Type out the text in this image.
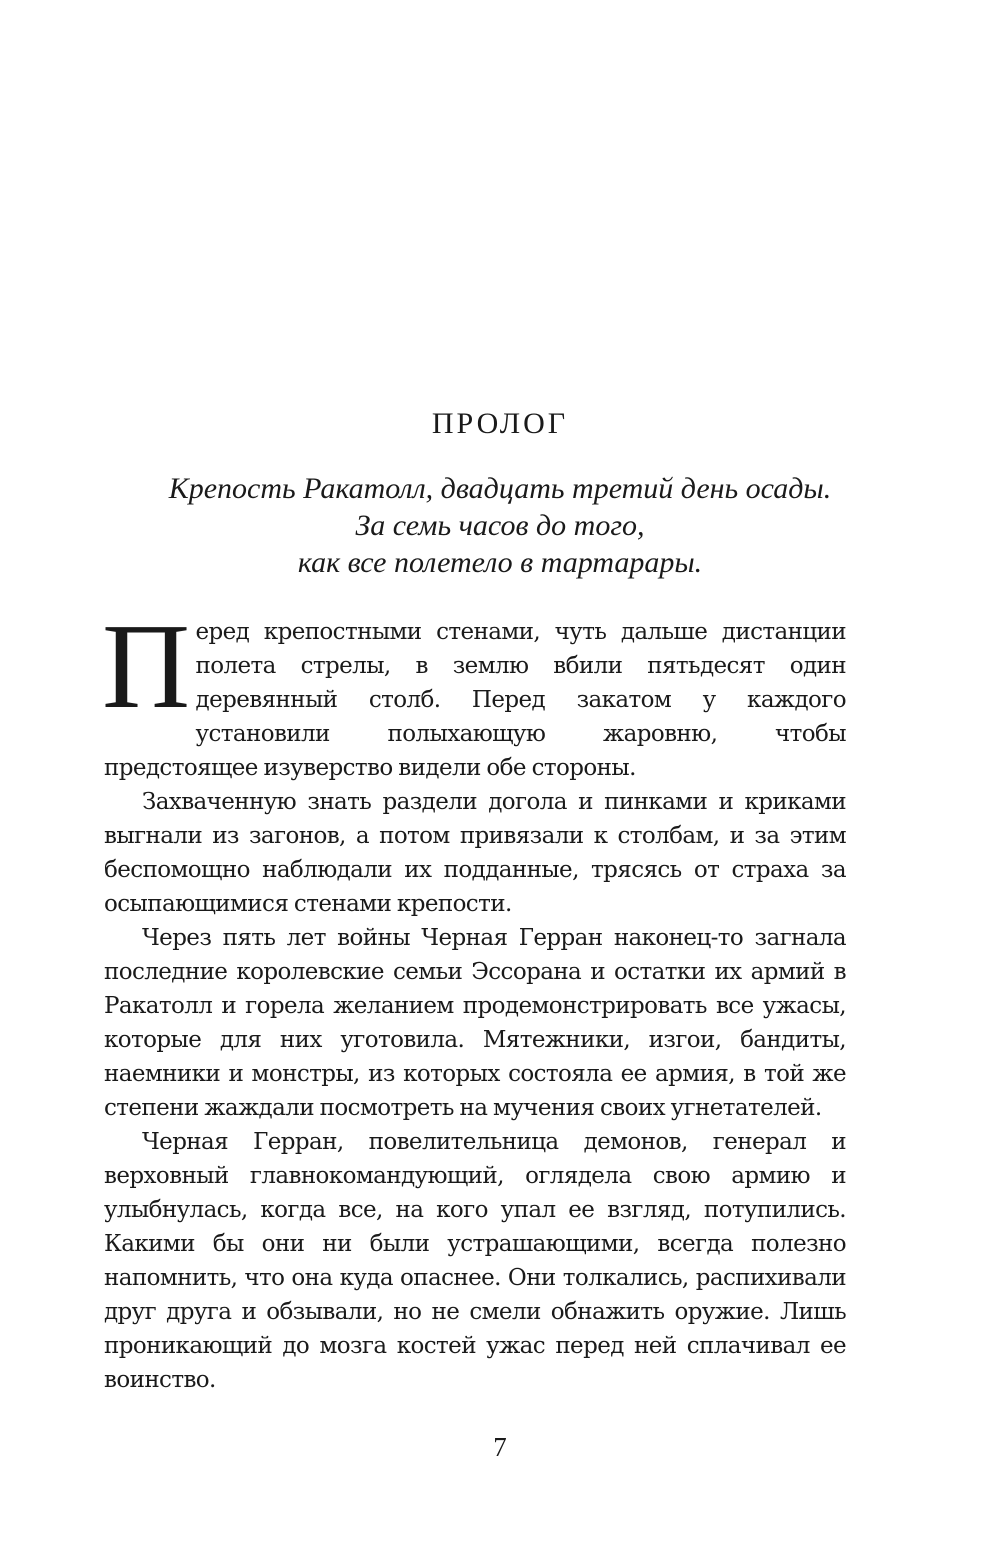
ПРОЛОГ
Крепость Ракатолл, двадцать третий день осады.
За семь часов до того,
как все полетело в тартарары.
П еред крепостными стенами, чуть дальше дистанции полета стрелы, в землю вбили пятьдесят один деревянный столб. Перед закатом у каждого установили полыхающую жаровню, чтобы предстоящее изуверство видели обе стороны.

Захваченную знать раздели догола и пинками и криками выгнали из загонов, а потом привязали к столбам, и за этим беспомощно наблюдали их подданные, трясясь от страха за осыпающимися стенами крепости.

Через пять лет войны Черная Герран наконец-то загнала последние королевские семьи Эссорана и остатки их армий в Ракатолл и горела желанием продемонстрировать все ужасы, которые для них уготовила. Мятежники, изгои, бандиты, наемники и монстры, из которых состояла ее армия, в той же степени жаждали посмотреть на мучения своих угнетателей.

Черная Герран, повелительница демонов, генерал и верховный главнокомандующий, оглядела свою армию и улыбнулась, когда все, на кого упал ее взгляд, потупились. Какими бы они ни были устрашающими, всегда полезно напомнить, что она куда опаснее. Они толкались, распихивали друг друга и обзывали, но не смели обнажить оружие. Лишь проникающий до мозга костей ужас перед ней сплачивал ее воинство.

7
